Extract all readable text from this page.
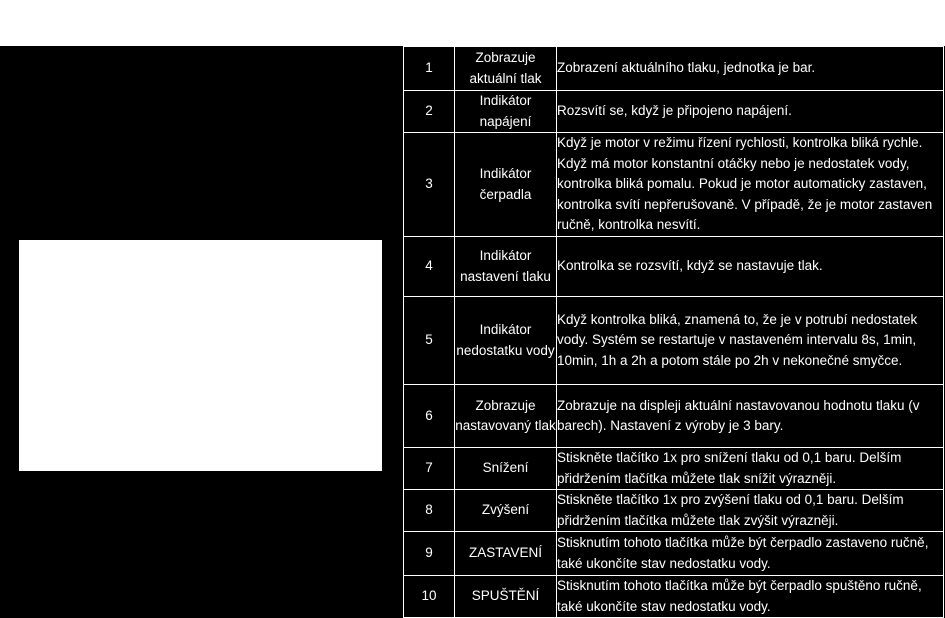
1	Zobrazuje aktuální tlak	Zobrazení aktuálního tlaku, jednotka je bar.
2	Indikátor napájení	Rozsvítí se, když je připojeno napájení.
3	Indikátor čerpadla	Když je motor v režimu řízení rychlosti, kontrolka bliká rychle. Když má motor konstantní otáčky nebo je nedostatek vody, kontrolka bliká pomalu. Pokud je motor automaticky zastaven, kontrolka svítí nepřerušovaně. V případě, že je motor zastaven ručně, kontrolka nesvítí.
4	Indikátor nastavení tlaku	Kontrolka se rozsvítí, když se nastavuje tlak.
5	Indikátor nedostatku vody	Když kontrolka bliká, znamená to, že je v potrubí nedostatek vody. Systém se restartuje v nastaveném intervalu 8s, 1min, 10min, 1h a 2h a potom stále po 2h v nekonečné smyčce.
6	Zobrazuje nastavovaný tlak	Zobrazuje na displeji aktuální nastavovanou hodnotu tlaku (v barech). Nastavení z výroby je 3 bary.
7	Snížení	Stiskněte tlačítko 1x pro snížení tlaku od 0,1 baru. Delším přidržením tlačítka můžete tlak snížit výrazněji.
8	Zvýšení	Stiskněte tlačítko 1x pro zvýšení tlaku od 0,1 baru. Delším přidržením tlačítka můžete tlak zvýšit výrazněji.
9	ZASTAVENÍ	Stisknutím tohoto tlačítka může být čerpadlo zastaveno ručně, také ukončíte stav nedostatku vody.
10	SPUŠTĚNÍ	Stisknutím tohoto tlačítka může být čerpadlo spuštěno ručně, také ukončíte stav nedostatku vody.
